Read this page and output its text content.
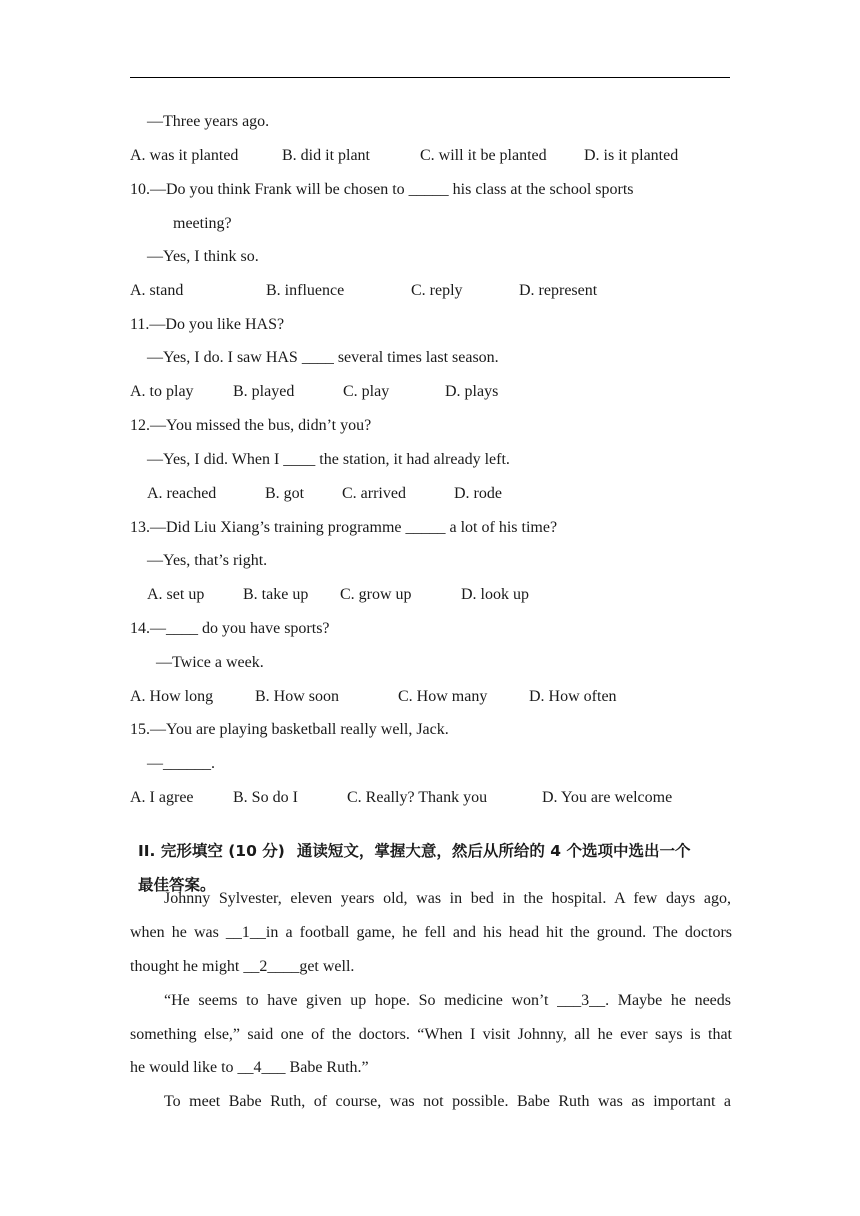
—Three years ago.
A. was it planted	B. did it plant	C. will it be planted D. is it planted
10.—Do you think Frank will be chosen to _____ his class at the school sports
meeting?
—Yes, I think so.
A. stand	B. influence	C. reply	D. represent
11.—Do you like HAS?
—Yes, I do. I saw HAS ____ several times last season.
A. to play B. played	C. play	D. plays
12.—You missed the bus, didn’t you?
—Yes, I did. When I ____ the station, it had already left.
A. reached	B. got C. arrived	D. rode
13.—Did Liu Xiang’s training programme _____ a lot of his time?
—Yes, that’s right.
A. set up B. take up C. grow up	D. look up
14.—____ do you have sports?
—Twice a week.
A. How long	B. How soon	C. How many	D. How often
15.—You are playing basketball really well, Jack.
—______.
A. I agree B. So do I	C. Really? Thank you	D. You are welcome

II. 完形填空 (10 分) 通读短文，掌握大意，然后从所给的 4 个选项中选出一个

最佳答案。

Johnny Sylvester, eleven years old, was in bed in the hospital. A few days ago,
when he was __1__in a football game, he fell and his head hit the ground. The doctors
thought he might __2____get well.
“He seems to have given up hope. So medicine won’t ___3__. Maybe he needs
something else,” said one of the doctors. “When I visit Johnny, all he ever says is that
he would like to __4___ Babe Ruth.”
To meet Babe Ruth, of course, was not possible. Babe Ruth was as important a
